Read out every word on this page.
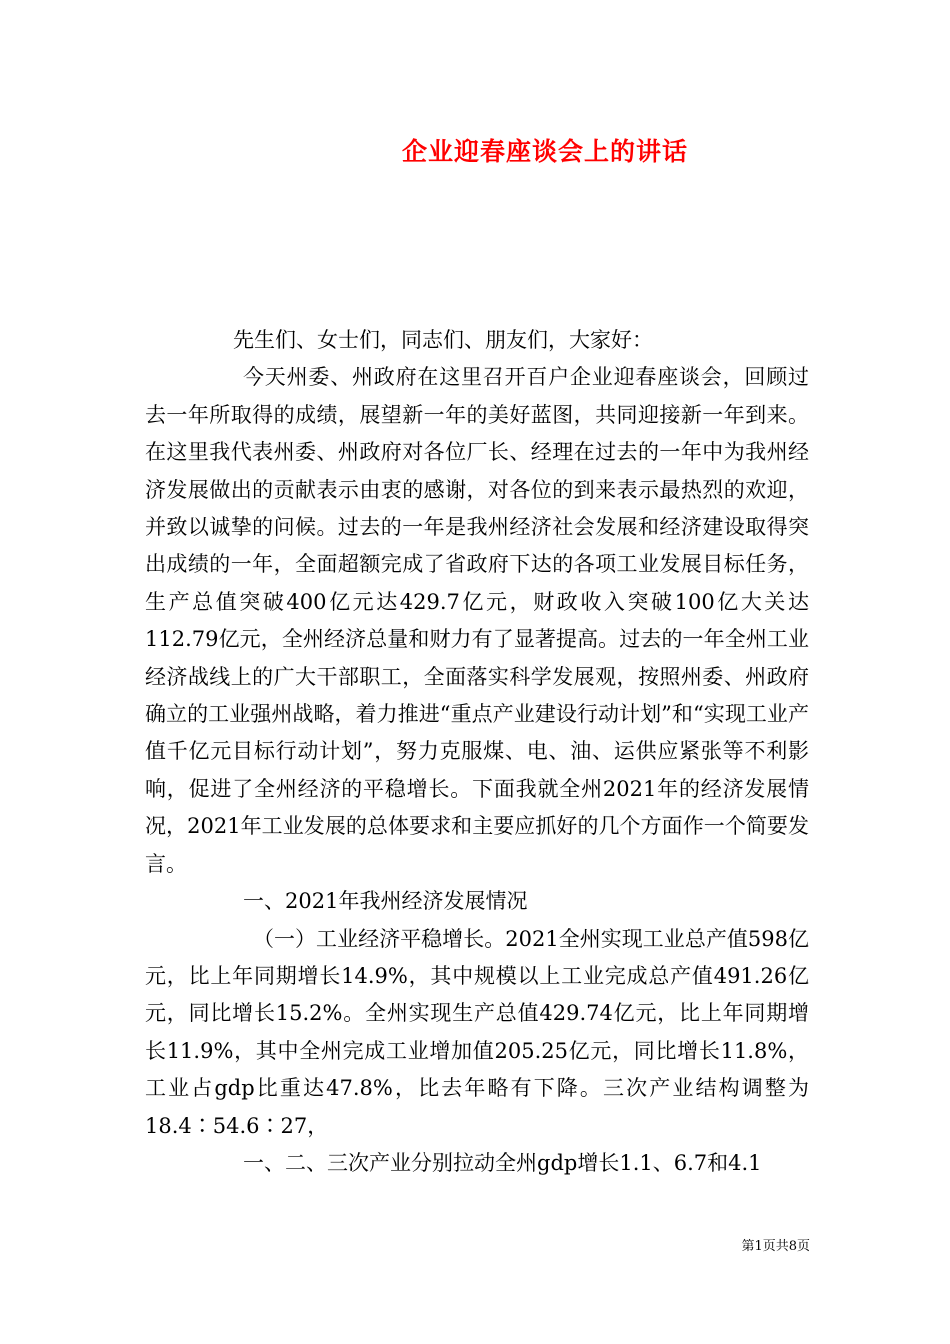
企业迎春座谈会上的讲话

先生们、女士们，同志们、朋友们，大家好：

今天州委、州政府在这里召开百户企业迎春座谈会，回顾过去一年所取得的成绩，展望新一年的美好蓝图，共同迎接新一年到来。在这里我代表州委、州政府对各位厂长、经理在过去的一年中为我州经济发展做出的贡献表示由衷的感谢，对各位的到来表示最热烈的欢迎，并致以诚挚的问候。过去的一年是我州经济社会发展和经济建设取得突出成绩的一年，全面超额完成了省政府下达的各项工业发展目标任务，生产总值突破400亿元达429.7亿元，财政收入突破100亿大关达112.79亿元，全州经济总量和财力有了显著提高。过去的一年全州工业经济战线上的广大干部职工，全面落实科学发展观，按照州委、州政府确立的工业强州战略，着力推进“重点产业建设行动计划”和“实现工业产值千亿元目标行动计划”，努力克服煤、电、油、运供应紧张等不利影响，促进了全州经济的平稳增长。下面我就全州2021年的经济发展情况，2021年工业发展的总体要求和主要应抓好的几个方面作一个简要发言。

一、2021年我州经济发展情况

（一）工业经济平稳增长。2021全州实现工业总产值598亿元，比上年同期增长14.9%，其中规模以上工业完成总产值491.26亿元，同比增长15.2%。全州实现生产总值429.74亿元，比上年同期增长11.9%，其中全州完成工业增加值205.25亿元，同比增长11.8%，工业占gdp比重达47.8%，比去年略有下降。三次产业结构调整为18.4∶54.6∶27，

一、二、三次产业分别拉动全州gdp增长1.1、6.7和4.1

第1页共8页
